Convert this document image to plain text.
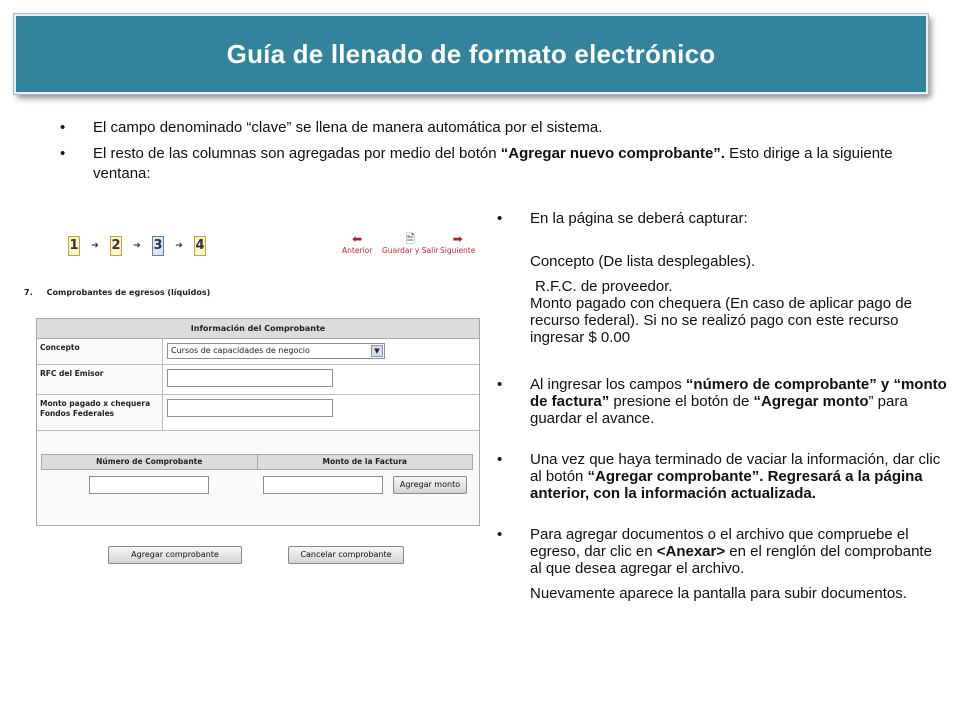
Guía de llenado de formato electrónico
• El campo denominado “clave” se llena de manera automática por el sistema.
• El resto de las columnas son agregadas por medio del botón “Agregar nuevo comprobante”. Esto dirige a la siguiente ventana:
1	➔ 2	➔ 3	➔ 4	⬅
Anterior
🗎
Guardar y Salir
➡
Siguiente
7. Comprobantes de egresos (líquidos)
Información del Comprobante
Concepto	Cursos de capacidades de negocio	▼
RFC del Emisor
Monto pagado x chequera Fondos Federales
Número de Comprobante	Monto de la Factura
Agregar monto
Agregar comprobante	Cancelar comprobante
• En la página se deberá capturar:
Concepto (De lista desplegables).
R.F.C. de proveedor.
Monto pagado con chequera (En caso de aplicar pago de recurso federal). Si no se realizó pago con este recurso ingresar $ 0.00
• Al ingresar los campos “número de comprobante” y “monto de factura” presione el botón de “Agregar monto” para guardar el avance.
• Una vez que haya terminado de vaciar la información, dar clic al botón “Agregar comprobante”. Regresará a la página anterior, con la información actualizada.
• Para agregar documentos o el archivo que compruebe el egreso, dar clic en <Anexar> en el renglón del comprobante al que desea agregar el archivo.
Nuevamente aparece la pantalla para subir documentos.
